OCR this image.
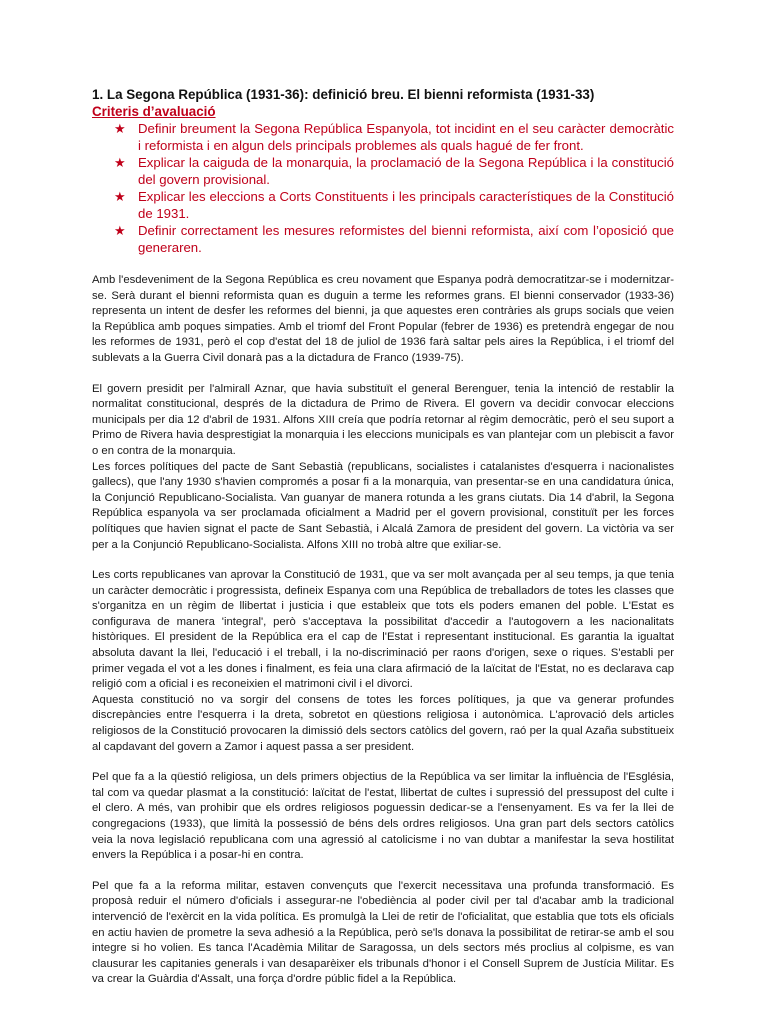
1. La Segona República (1931-36): definició breu. El bienni reformista (1931-33)

Criteris d’avaluació

★ Definir breument la Segona República Espanyola, tot incidint en el seu caràcter democràtic i reformista i en algun dels principals problemes als quals hagué de fer front.
★ Explicar la caiguda de la monarquia, la proclamació de la Segona República i la constitució del govern provisional.
★ Explicar les eleccions a Corts Constituents i les principals característiques de la Constitució de 1931.
★ Definir correctament les mesures reformistes del bienni reformista, així com l’oposició que generaren.

Amb l'esdeveniment de la Segona República es creu novament que Espanya podrà democratitzar-se i modernitzar-se. Serà durant el bienni reformista quan es duguin a terme les reformes grans. El bienni conservador (1933-36) representa un intent de desfer les reformes del bienni, ja que aquestes eren contràries als grups socials que veien la República amb poques simpaties. Amb el triomf del Front Popular (febrer de 1936) es pretendrà engegar de nou les reformes de 1931, però el cop d'estat del 18 de juliol de 1936 farà saltar pels aires la República, i el triomf del sublevats a la Guerra Civil donarà pas a la dictadura de Franco (1939-75).

El govern presidit per l'almirall Aznar, que havia substituït el general Berenguer, tenia la intenció de restablir la normalitat constitucional, després de la dictadura de Primo de Rivera. El govern va decidir convocar eleccions municipals per dia 12 d'abril de 1931. Alfons XIII creía que podría retornar al règim democràtic, però el seu suport a Primo de Rivera havia desprestigiat la monarquia i les eleccions municipals es van plantejar com un plebiscit a favor o en contra de la monarquia.

Les forces polítiques del pacte de Sant Sebastià (republicans, socialistes i catalanistes d'esquerra i nacionalistes gallecs), que l'any 1930 s'havien compromés a posar fi a la monarquia, van presentar-se en una candidatura única, la Conjunció Republicano-Socialista. Van guanyar de manera rotunda a les grans ciutats. Dia 14 d'abril, la Segona República espanyola va ser proclamada oficialment a Madrid per el govern provisional, constituït per les forces polítiques que havien signat el pacte de Sant Sebastià, i Alcalá Zamora de president del govern. La victòria va ser per a la Conjunció Republicano-Socialista. Alfons XIII no trobà altre que exiliar-se.

Les corts republicanes van aprovar la Constitució de 1931, que va ser molt avançada per al seu temps, ja que tenia un caràcter democràtic i progressista, defineix Espanya com una República de treballadors de totes les classes que s'organitza en un règim de llibertat i justicia i que estableix que tots els poders emanen del poble. L'Estat es configurava de manera 'integral', però s'acceptava la possibilitat d'accedir a l'autogovern a les nacionalitats històriques. El president de la República era el cap de l'Estat i representant institucional. Es garantia la igualtat absoluta davant la llei, l'educació i el treball, i la no-discriminació per raons d'origen, sexe o riques. S'establi per primer vegada el vot a les dones i finalment, es feia una clara afirmació de la laïcitat de l'Estat, no es declarava cap religió com a oficial i es reconeixien el matrimoni civil i el divorci.

Aquesta constitució no va sorgir del consens de totes les forces polítiques, ja que va generar profundes discrepàncies entre l'esquerra i la dreta, sobretot en qüestions religiosa i autonòmica. L'aprovació dels articles religiosos de la Constitució provocaren la dimissió dels sectors catòlics del govern, raó per la qual Azaña substitueix al capdavant del govern a Zamor i aquest passa a ser president.

Pel que fa a la qüestió religiosa, un dels primers objectius de la República va ser limitar la influència de l'Església, tal com va quedar plasmat a la constitució: laïcitat de l'estat, llibertat de cultes i supressió del pressupost del culte i el clero. A més, van prohibir que els ordres religiosos poguessin dedicar-se a l'ensenyament. Es va fer la llei de congregacions (1933), que limità la possessió de béns dels ordres religiosos. Una gran part dels sectors catòlics veia la nova legislació republicana com una agressió al catolicisme i no van dubtar a manifestar la seva hostilitat envers la República i a posar-hi en contra.

Pel que fa a la reforma militar, estaven convençuts que l'exercit necessitava una profunda transformació. Es proposà reduir el número d'oficials i assegurar-ne l'obediència al poder civil per tal d'acabar amb la tradicional intervenció de l'exèrcit en la vida política. Es promulgà la Llei de retir de l'oficialitat, que establia que tots els oficials en actiu havien de prometre la seva adhesió a la República, però se'ls donava la possibilitat de retirar-se amb el sou integre si ho volien. Es tanca l'Acadèmia Militar de Saragossa, un dels sectors més proclius al colpisme, es van clausurar les capitanies generals i van desaparèixer els tribunals d'honor i el Consell Suprem de Justícia Militar. Es va crear la Guàrdia d'Assalt, una força d'ordre públic fidel a la República.
